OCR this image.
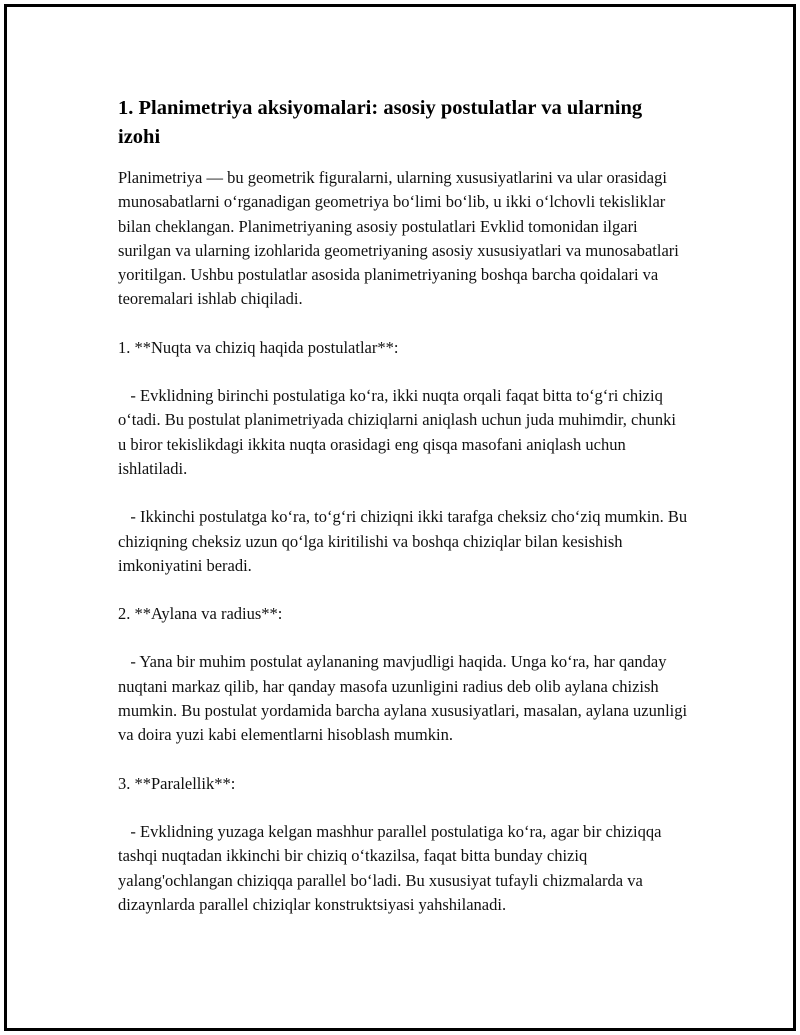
1. Planimetriya aksiyomalari: asosiy postulatlar va ularning izohi

Planimetriya — bu geometrik figuralarni, ularning xususiyatlarini va ular orasidagi munosabatlarni oʻrganadigan geometriya boʻlimi boʻlib, u ikki oʻlchovli tekisliklar bilan cheklangan. Planimetriyaning asosiy postulatlari Evklid tomonidan ilgari surilgan va ularning izohlarida geometriyaning asosiy xususiyatlari va munosabatlari yoritilgan. Ushbu postulatlar asosida planimetriyaning boshqa barcha qoidalari va teoremalari ishlab chiqiladi.

1. **Nuqta va chiziq haqida postulatlar**:

- Evklidning birinchi postulatiga koʻra, ikki nuqta orqali faqat bitta toʻgʻri chiziq oʻtadi. Bu postulat planimetriyada chiziqlarni aniqlash uchun juda muhimdir, chunki u biror tekislikdagi ikkita nuqta orasidagi eng qisqa masofani aniqlash uchun ishlatiladi.

- Ikkinchi postulatga koʻra, toʻgʻri chiziqni ikki tarafga cheksiz choʻziq mumkin. Bu chiziqning cheksiz uzun qoʻlga kiritilishi va boshqa chiziqlar bilan kesishish imkoniyatini beradi.

2. **Aylana va radius**:

- Yana bir muhim postulat aylananing mavjudligi haqida. Unga koʻra, har qanday nuqtani markaz qilib, har qanday masofa uzunligini radius deb olib aylana chizish mumkin. Bu postulat yordamida barcha aylana xususiyatlari, masalan, aylana uzunligi va doira yuzi kabi elementlarni hisoblash mumkin.

3. **Paralellik**:

- Evklidning yuzaga kelgan mashhur parallel postulatiga koʻra, agar bir chiziqqa tashqi nuqtadan ikkinchi bir chiziq oʻtkazilsa, faqat bitta bunday chiziq yalang'ochlangan chiziqqa parallel boʻladi. Bu xususiyat tufayli chizmalarda va dizaynlarda parallel chiziqlar konstruktsiyasi yahshilanadi.
